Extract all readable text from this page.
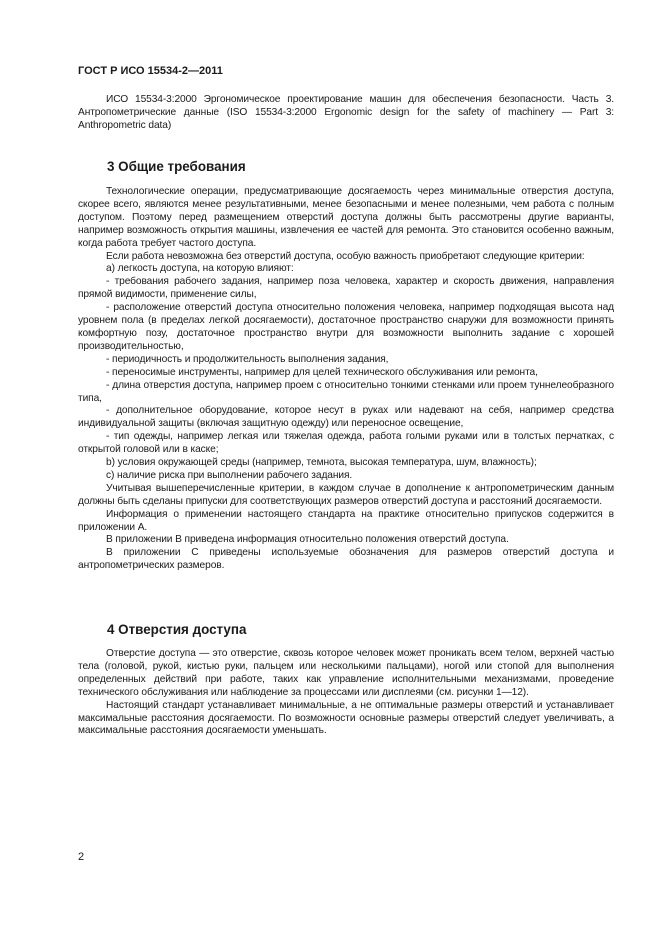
ГОСТ Р ИСО 15534-2—2011

ИСО 15534-3:2000 Эргономическое проектирование машин для обеспечения безопасности. Часть 3. Антропометрические данные (ISO 15534-3:2000 Ergonomic design for the safety of machinery — Part 3: Anthropometric data)

3 Общие требования

Технологические операции, предусматривающие досягаемость через минимальные отверстия доступа, скорее всего, являются менее результативными, менее безопасными и менее полезными, чем работа с полным доступом. Поэтому перед размещением отверстий доступа должны быть рассмотрены другие варианты, например возможность открытия машины, извлечения ее частей для ремонта. Это становится особенно важным, когда работа требует частого доступа.

Если работа невозможна без отверстий доступа, особую важность приобретают следующие критерии:

а) легкость доступа, на которую влияют:

- требования рабочего задания, например поза человека, характер и скорость движения, направления прямой видимости, применение силы,

- расположение отверстий доступа относительно положения человека, например подходящая высота над уровнем пола (в пределах легкой досягаемости), достаточное пространство снаружи для возможности принять комфортную позу, достаточное пространство внутри для возможности выполнить задание с хорошей производительностью,

- периодичность и продолжительность выполнения задания,

- переносимые инструменты, например для целей технического обслуживания или ремонта,

- длина отверстия доступа, например проем с относительно тонкими стенками или проем туннелеобразного типа,

- дополнительное оборудование, которое несут в руках или надевают на себя, например средства индивидуальной защиты (включая защитную одежду) или переносное освещение,

- тип одежды, например легкая или тяжелая одежда, работа голыми руками или в толстых перчатках, с открытой головой или в каске;

b) условия окружающей среды (например, темнота, высокая температура, шум, влажность);

c) наличие риска при выполнении рабочего задания.

Учитывая вышеперечисленные критерии, в каждом случае в дополнение к антропометрическим данным должны быть сделаны припуски для соответствующих размеров отверстий доступа и расстояний досягаемости.

Информация о применении настоящего стандарта на практике относительно припусков содержится в приложении А.

В приложении В приведена информация относительно положения отверстий доступа.

В приложении С приведены используемые обозначения для размеров отверстий доступа и антропометрических размеров.

4 Отверстия доступа

Отверстие доступа — это отверстие, сквозь которое человек может проникать всем телом, верхней частью тела (головой, рукой, кистью руки, пальцем или несколькими пальцами), ногой или стопой для выполнения определенных действий при работе, таких как управление исполнительными механизмами, проведение технического обслуживания или наблюдение за процессами или дисплеями (см. рисунки 1—12).

Настоящий стандарт устанавливает минимальные, а не оптимальные размеры отверстий и устанавливает максимальные расстояния досягаемости. По возможности основные размеры отверстий следует увеличивать, а максимальные расстояния досягаемости уменьшать.

2
